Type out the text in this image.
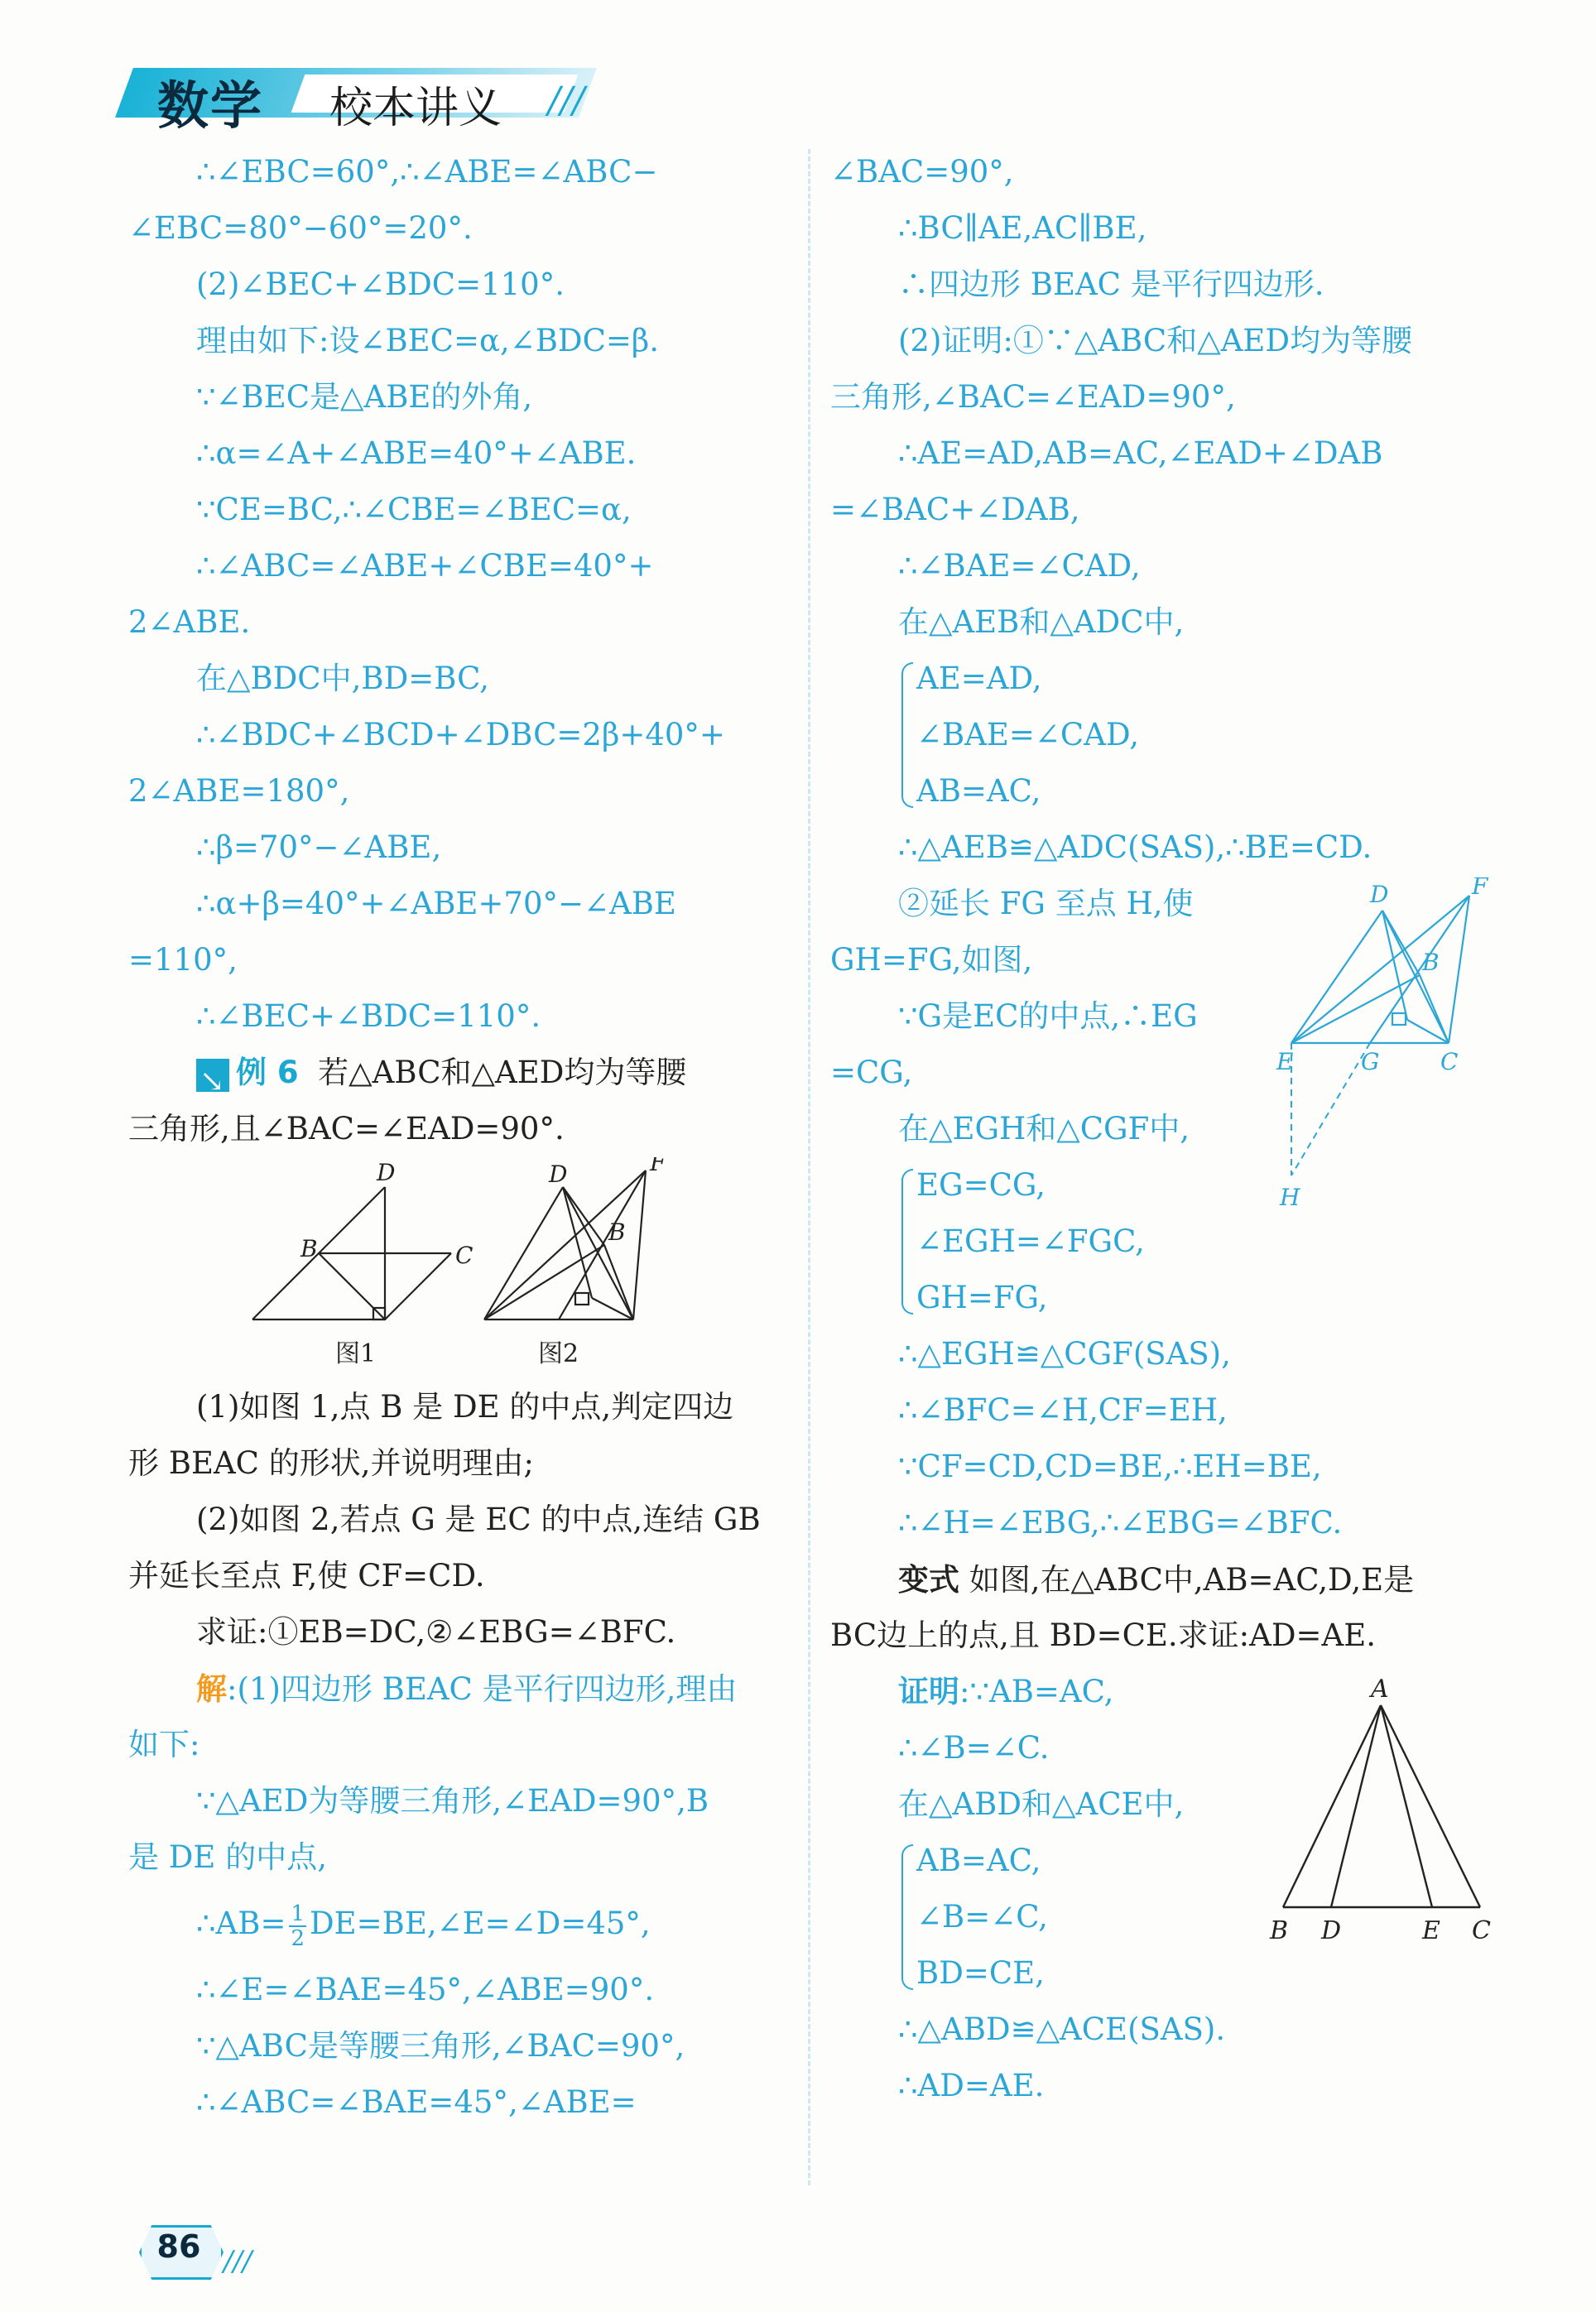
数学 校本讲义 ///
∴∠EBC=60°,∴∠ABE=∠ABC−
∠EBC=80°−60°=20°.
(2)∠BEC+∠BDC=110°.
理由如下:设∠BEC=α,∠BDC=β.
∵∠BEC是△ABE的外角,
∴α=∠A+∠ABE=40°+∠ABE.
∵CE=BC,∴∠CBE=∠BEC=α,
∴∠ABC=∠ABE+∠CBE=40°+
2∠ABE.
在△BDC中,BD=BC,
∴∠BDC+∠BCD+∠DBC=2β+40°+
2∠ABE=180°,
∴β=70°−∠ABE,
∴α+β=40°+∠ABE+70°−∠ABE
=110°,
∴∠BEC+∠BDC=110°.
↘例 6 若△ABC和△AED均为等腰
三角形,且∠BAC=∠EAD=90°.
D
B	C
D	F
B
图1	图2
(1)如图 1,点 B 是 DE 的中点,判定四边
形 BEAC 的形状,并说明理由;
(2)如图 2,若点 G 是 EC 的中点,连结 GB
并延长至点 F,使 CF=CD.
求证:①EB=DC,②∠EBG=∠BFC.
解:(1)四边形 BEAC 是平行四边形,理由
如下:
∵△AED为等腰三角形,∠EAD=90°,B
是 DE 的中点,
∴AB= $\frac{1}{2}$ DE=BE,∠E=∠D=45°,
∴∠E=∠BAE=45°,∠ABE=90°.
∵△ABC是等腰三角形,∠BAC=90°,
∴∠ABC=∠BAE=45°,∠ABE=
∠BAC=90°,
∴BC∥AE,AC∥BE,
∴四边形 BEAC 是平行四边形.
(2)证明:①∵△ABC和△AED均为等腰
三角形,∠BAC=∠EAD=90°,
∴AE=AD,AB=AC,∠EAD+∠DAB
=∠BAC+∠DAB,
∴∠BAE=∠CAD,
在△AEB和△ADC中,
AE=AD,
∠BAE=∠CAD,
AB=AC,
∴△AEB≌△ADC(SAS),∴BE=CD.
②延长 FG 至点 H,使
GH=FG,如图,
∵G是EC的中点,∴EG
=CG,
在△EGH和△CGF中,
EG=CG,
∠EGH=∠FGC,
GH=FG,
∴△EGH≌△CGF(SAS),
∴∠BFC=∠H,CF=EH,
∵CF=CD,CD=BE,∴EH=BE,
∴∠H=∠EBG,∴∠EBG=∠BFC.
变式 如图,在△ABC中,AB=AC,D,E是
BC边上的点,且 BD=CE.求证:AD=AE.
证明:∵AB=AC,
∴∠B=∠C.
在△ABD和△ACE中,
AB=AC,
∠B=∠C,
BD=CE,
∴△ABD≌△ACE(SAS).
∴AD=AE.
D	F
B
E	G	C
H
A
B D	E C
86 ///
